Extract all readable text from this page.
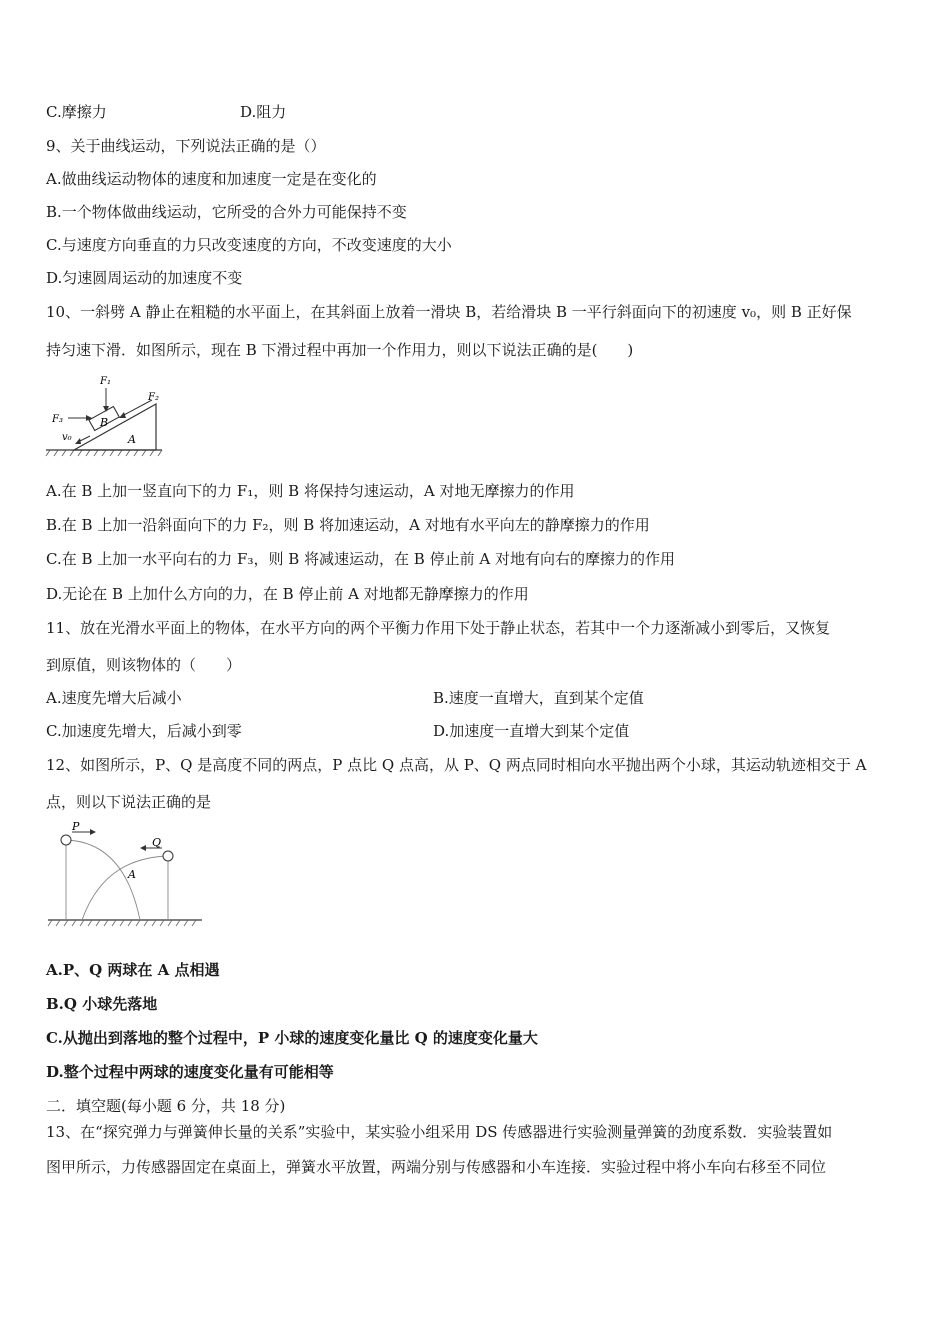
C.摩擦力	D.阻力
9、关于曲线运动，下列说法正确的是（）
A.做曲线运动物体的速度和加速度一定是在变化的
B.一个物体做曲线运动，它所受的合外力可能保持不变
C.与速度方向垂直的力只改变速度的方向，不改变速度的大小
D.匀速圆周运动的加速度不变
10、一斜劈 A 静止在粗糙的水平面上，在其斜面上放着一滑块 B，若给滑块 B 一平行斜面向下的初速度 v₀，则 B 正好保
持匀速下滑．如图所示，现在 B 下滑过程中再加一个作用力，则以下说法正确的是(　　)
F₁
F₂
F₃
v₀
B
A
A.在 B 上加一竖直向下的力 F₁，则 B 将保持匀速运动，A 对地无摩擦力的作用
B.在 B 上加一沿斜面向下的力 F₂，则 B 将加速运动，A 对地有水平向左的静摩擦力的作用
C.在 B 上加一水平向右的力 F₃，则 B 将减速运动，在 B 停止前 A 对地有向右的摩擦力的作用
D.无论在 B 上加什么方向的力，在 B 停止前 A 对地都无静摩擦力的作用
11、放在光滑水平面上的物体，在水平方向的两个平衡力作用下处于静止状态，若其中一个力逐渐减小到零后，又恢复
到原值，则该物体的（　　）
A.速度先增大后减小	B.速度一直增大，直到某个定值
C.加速度先增大，后减小到零	D.加速度一直增大到某个定值
12、如图所示，P、Q 是高度不同的两点，P 点比 Q 点高，从 P、Q 两点同时相向水平抛出两个小球，其运动轨迹相交于 A
点，则以下说法正确的是
P
Q
A
A.P、Q 两球在 A 点相遇
B.Q 小球先落地
C.从抛出到落地的整个过程中，P 小球的速度变化量比 Q 的速度变化量大
D.整个过程中两球的速度变化量有可能相等
二．填空题(每小题 6 分，共 18 分)
13、在“探究弹力与弹簧伸长量的关系”实验中，某实验小组采用 DS 传感器进行实验测量弹簧的劲度系数．实验装置如
图甲所示，力传感器固定在桌面上，弹簧水平放置，两端分别与传感器和小车连接．实验过程中将小车向右移至不同位
